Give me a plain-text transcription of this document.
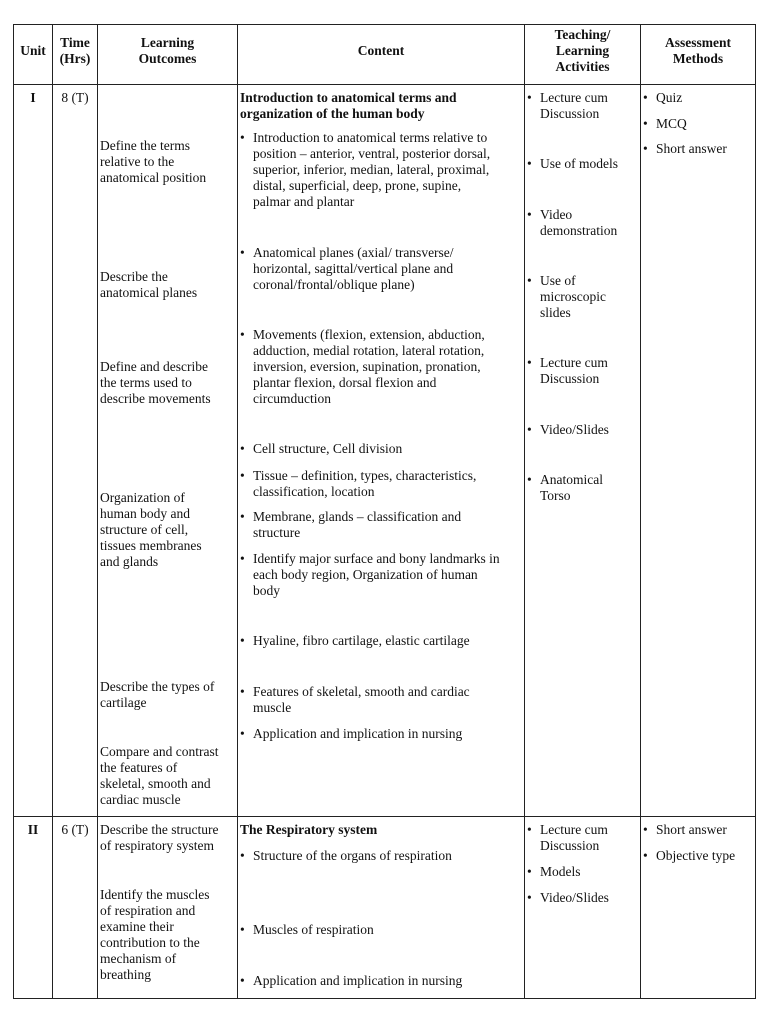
Unit
Time
(Hrs)
Learning
Outcomes
Content
Teaching/
Learning
Activities
Assessment
Methods
I	8 (T)
Define the terms
relative to the
anatomical position
Describe the
anatomical planes
Define and describe
the terms used to
describe movements
Organization of
human body and
structure of cell,
tissues membranes
and glands
Describe the types of
cartilage
Compare and contrast
the features of
skeletal, smooth and
cardiac muscle
Introduction to anatomical terms and
organization of the human body
• Introduction to anatomical terms relative to
position – anterior, ventral, posterior dorsal,
superior, inferior, median, lateral, proximal,
distal, superficial, deep, prone, supine,
palmar and plantar
• Anatomical planes (axial/ transverse/
horizontal, sagittal/vertical plane and
coronal/frontal/oblique plane)
• Movements (flexion, extension, abduction,
adduction, medial rotation, lateral rotation,
inversion, eversion, supination, pronation,
plantar flexion, dorsal flexion and
circumduction
• Cell structure, Cell division
• Tissue – definition, types, characteristics,
classification, location
• Membrane, glands – classification and
structure
• Identify major surface and bony landmarks in
each body region, Organization of human
body
• Hyaline, fibro cartilage, elastic cartilage
• Features of skeletal, smooth and cardiac
muscle
• Application and implication in nursing
• Lecture cum
Discussion
• Use of models
• Video
demonstration
• Use of
microscopic
slides
• Lecture cum
Discussion
• Video/Slides
• Anatomical
Torso
• Quiz
• MCQ
• Short answer
II	6 (T) Describe the structure
of respiratory system
Identify the muscles
of respiration and
examine their
contribution to the
mechanism of
breathing
The Respiratory system
• Structure of the organs of respiration
• Muscles of respiration
• Application and implication in nursing
• Lecture cum
Discussion
• Models
• Video/Slides
• Short answer
• Objective type
